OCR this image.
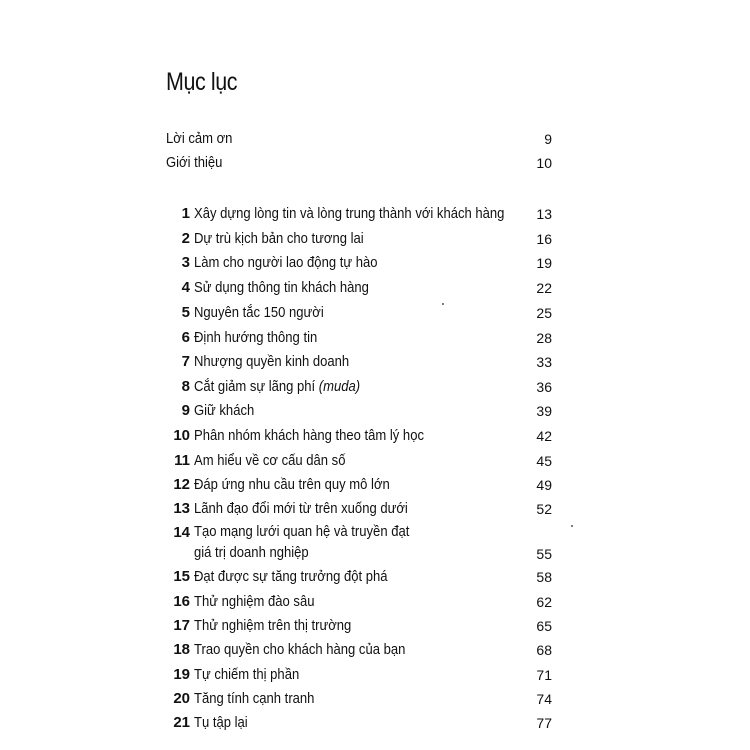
Mục lục
Lời cảm ơn	9
Giới thiệu	10
1 Xây dựng lòng tin và lòng trung thành với khách hàng 13
2 Dự trù kịch bản cho tương lai	16
3 Làm cho người lao động tự hào	19
4 Sử dụng thông tin khách hàng	22
5 Nguyên tắc 150 người	25
6 Định hướng thông tin	28
7 Nhượng quyền kinh doanh	33
8 Cắt giảm sự lãng phí (muda)	36
9 Giữ khách	39
10 Phân nhóm khách hàng theo tâm lý học	42
11 Am hiểu về cơ cấu dân số	45
12 Đáp ứng nhu cầu trên quy mô lớn	49
13 Lãnh đạo đổi mới từ trên xuống dưới	52
14 Tạo mạng lưới quan hệ và truyền đạt
giá trị doanh nghiệp	55
15 Đạt được sự tăng trưởng đột phá	58
16 Thử nghiệm đào sâu	62
17 Thử nghiệm trên thị trường	65
18 Trao quyền cho khách hàng của bạn	68
19 Tự chiếm thị phần	71
20 Tăng tính cạnh tranh	74
21 Tụ tập lại	77
